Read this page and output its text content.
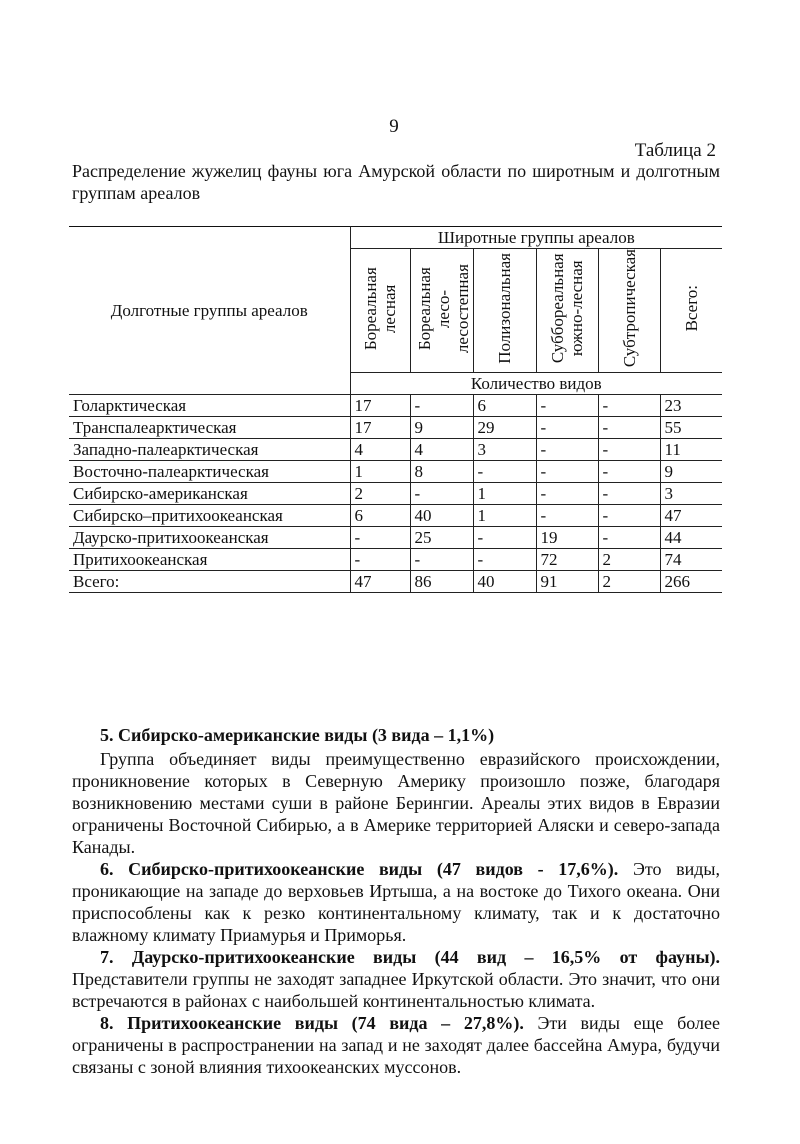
9
Таблица 2
Распределение жужелиц фауны юга Амурской области по широтным и долготным группам ареалов
Долготные группы ареалов	Широтные группы ареалов					
	Бореальная лесная	Бореальная лесо-лесостепная	Полизональная	Суббореальная южно-лесная	Субтропическая	Всего:
	Количество видов					
Голарктическая	17	-	6	-	-	23
Транспалеарктическая	17	9	29	-	-	55
Западно-палеарктическая	4	4	3	-	-	11
Восточно-палеарктическая	1	8	-	-	-	9
Сибирско-американская	2	-	1	-	-	3
Сибирско–притихоокеанская	6	40	1	-	-	47
Даурско-притихоокеанская	-	25	-	19	-	44
Притихоокеанская	-	-	-	72	2	74
Всего:	47	86	40	91	2	266

5. Сибирско-американские виды (3 вида – 1,1%)

Группа объединяет виды преимущественно евразийского происхождении, проникновение которых в Северную Америку произошло позже, благодаря возникновению местами суши в районе Берингии. Ареалы этих видов в Евразии ограничены Восточной Сибирью, а в Америке территорией Аляски и северо-запада Канады.

6. Сибирско-притихоокеанские виды (47 видов - 17,6%). Это виды, проникающие на западе до верховьев Иртыша, а на востоке до Тихого океана. Они приспособлены как к резко континентальному климату, так и к достаточно влажному климату Приамурья и Приморья.

7. Даурско-притихоокеанские виды (44 вид – 16,5% от фауны). Представители группы не заходят западнее Иркутской области. Это значит, что они встречаются в районах с наибольшей континентальностью климата.

8. Притихоокеанские виды (74 вида – 27,8%). Эти виды еще более ограничены в распространении на запад и не заходят далее бассейна Амура, будучи связаны с зоной влияния тихоокеанских муссонов.
